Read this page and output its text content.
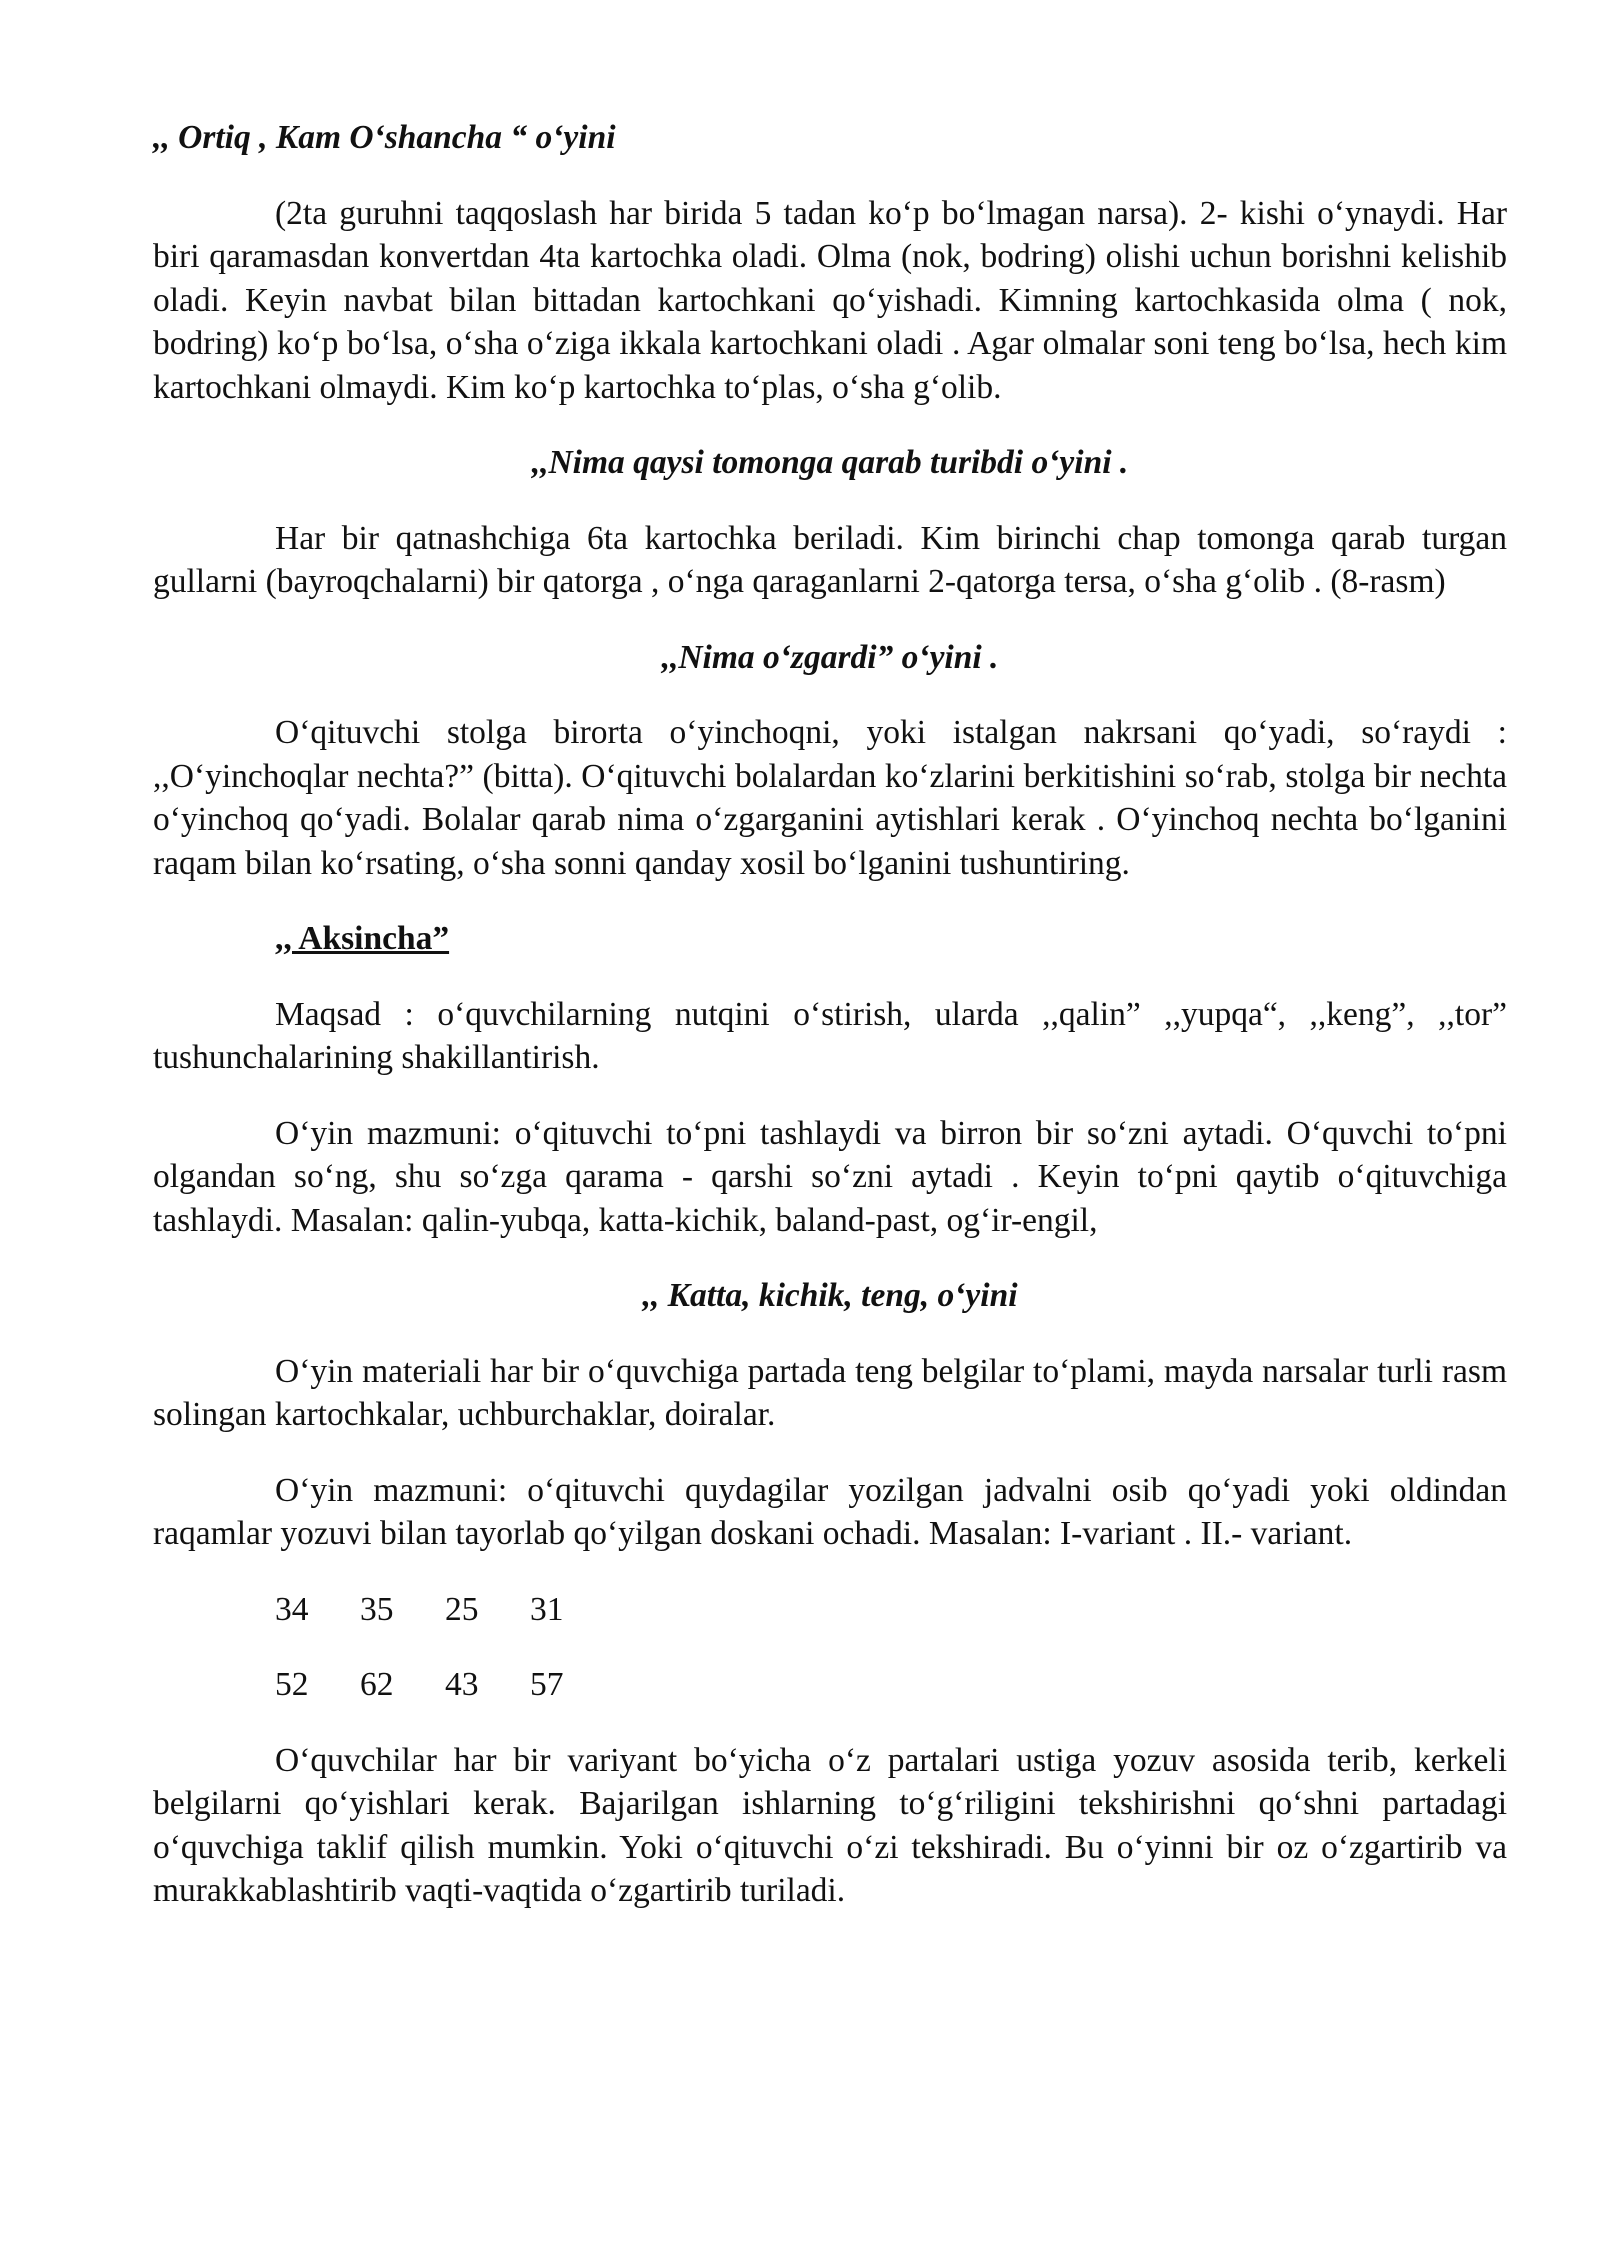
,, Ortiq , Kam O‘shancha “ o‘yini

(2ta guruhni taqqoslash har birida 5 tadan ko‘p bo‘lmagan narsa). 2- kishi o‘ynaydi. Har biri qaramasdan konvertdan 4ta kartochka oladi. Olma (nok, bodring) olishi uchun borishni kelishib oladi. Keyin navbat bilan bittadan kartochkani qo‘yishadi. Kimning kartochkasida olma ( nok, bodring) ko‘p bo‘lsa, o‘sha o‘ziga ikkala kartochkani oladi . Agar olmalar soni teng bo‘lsa, hech kim kartochkani olmaydi. Kim ko‘p kartochka to‘plas, o‘sha g‘olib.

,,Nima qaysi tomonga qarab turibdi o‘yini .

Har bir qatnashchiga 6ta kartochka beriladi. Kim birinchi chap tomonga qarab turgan gullarni (bayroqchalarni) bir qatorga , o‘nga qaraganlarni 2-qatorga tersa, o‘sha g‘olib . (8-rasm)

,,Nima o‘zgardi” o‘yini .

O‘qituvchi stolga birorta o‘yinchoqni, yoki istalgan nakrsani qo‘yadi, so‘raydi : ,,O‘yinchoqlar nechta?” (bitta). O‘qituvchi bolalardan ko‘zlarini berkitishini so‘rab, stolga bir nechta o‘yinchoq qo‘yadi. Bolalar qarab nima o‘zgarganini aytishlari kerak . O‘yinchoq nechta bo‘lganini raqam bilan ko‘rsating, o‘sha sonni qanday xosil bo‘lganini tushuntiring.

,, Aksincha”

Maqsad : o‘quvchilarning nutqini o‘stirish, ularda ,,qalin” ,,yupqa“, ,,keng”, ,,tor” tushunchalarining shakillantirish.

O‘yin mazmuni: o‘qituvchi to‘pni tashlaydi va birron bir so‘zni aytadi. O‘quvchi to‘pni olgandan so‘ng, shu so‘zga qarama - qarshi so‘zni aytadi . Keyin to‘pni qaytib o‘qituvchiga tashlaydi. Masalan: qalin-yubqa, katta-kichik, baland-past, og‘ir-engil,

,, Katta, kichik, teng, o‘yini

O‘yin materiali har bir o‘quvchiga partada teng belgilar to‘plami, mayda narsalar turli rasm solingan kartochkalar, uchburchaklar, doiralar.

O‘yin mazmuni: o‘qituvchi quydagilar yozilgan jadvalni osib qo‘yadi yoki oldindan raqamlar yozuvi bilan tayorlab qo‘yilgan doskani ochadi. Masalan: I-variant . II.- variant.

34	35	25	31
52	62	43	57

O‘quvchilar har bir variyant bo‘yicha o‘z partalari ustiga yozuv asosida terib, kerkeli belgilarni qo‘yishlari kerak. Bajarilgan ishlarning to‘g‘riligini tekshirishni qo‘shni partadagi o‘quvchiga taklif qilish mumkin. Yoki o‘qituvchi o‘zi tekshiradi. Bu o‘yinni bir oz o‘zgartirib va murakkablashtirib vaqti-vaqtida o‘zgartirib turiladi.
